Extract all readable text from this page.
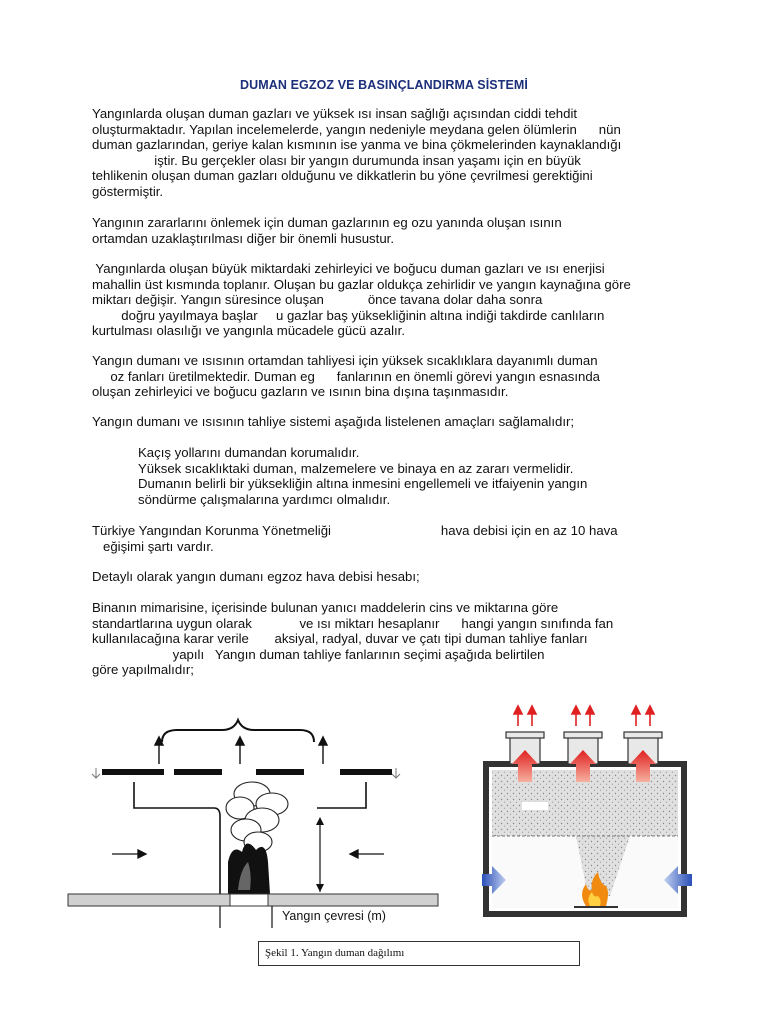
DUMAN EGZOZ VE BASINÇLANDIRMA SİSTEMİ
Yangınlarda oluşan duman gazları ve yüksek ısı insan sağlığı açısından ciddi tehdit
oluşturmaktadır. Yapılan incelemelerde, yangın nedeniyle meydana gelen ölümlerin      nün
duman gazlarından, geriye kalan kısmının ise yanma ve bina çökmelerinden kaynaklandığı
iştir. Bu gerçekler olası bir yangın durumunda insan yaşamı için en büyük
tehlikenin oluşan duman gazları olduğunu ve dikkatlerin bu yöne çevrilmesi gerektiğini
göstermiştir.
Yangının zararlarını önlemek için duman gazlarının eg ozu yanında oluşan ısının
ortamdan uzaklaştırılması diğer bir önemli husustur.
Yangınlarda oluşan büyük miktardaki zehirleyici ve boğucu duman gazları ve ısı enerjisi
mahallin üst kısmında toplanır. Oluşan bu gazlar oldukça zehirlidir ve yangın kaynağına göre
miktarı değişir. Yangın süresince oluşan            önce tavana dolar daha sonra
doğru yayılmaya başlar     u gazlar baş yüksekliğinin altına indiği takdirde canlıların
kurtulması olasılığı ve yangınla mücadele gücü azalır.
Yangın dumanı ve ısısının ortamdan tahliyesi için yüksek sıcaklıklara dayanımlı duman
oz fanları üretilmektedir. Duman eg      fanlarının en önemli görevi yangın esnasında
oluşan zehirleyici ve boğucu gazların ve ısının bina dışına taşınmasıdır.
Yangın dumanı ve ısısının tahliye sistemi aşağıda listelenen amaçları sağlamalıdır;
Kaçış yollarını dumandan korumalıdır.
Yüksek sıcaklıktaki duman, malzemelere ve binaya en az zararı vermelidir.
Dumanın belirli bir yüksekliğin altına inmesini engellemeli ve itfaiyenin yangın
söndürme çalışmalarına yardımcı olmalıdır.
Türkiye Yangından Korunma Yönetmeliği                              hava debisi için en az 10 hava
eğişimi şartı vardır.
Detaylı olarak yangın dumanı egzoz hava debisi hesabı;
Binanın mimarisine, içerisinde bulunan yanıcı maddelerin cins ve miktarına göre
standartlarına uygun olarak             ve ısı miktarı hesaplanır      hangi yangın sınıfında fan
kullanılacağına karar verile       aksiyal, radyal, duvar ve çatı tipi duman tahliye fanları
yapılı   Yangın duman tahliye fanlarının seçimi aşağıda belirtilen
göre yapılmalıdır;
Yangın çevresi (m)
Şekil 1. Yangın duman dağılımı
